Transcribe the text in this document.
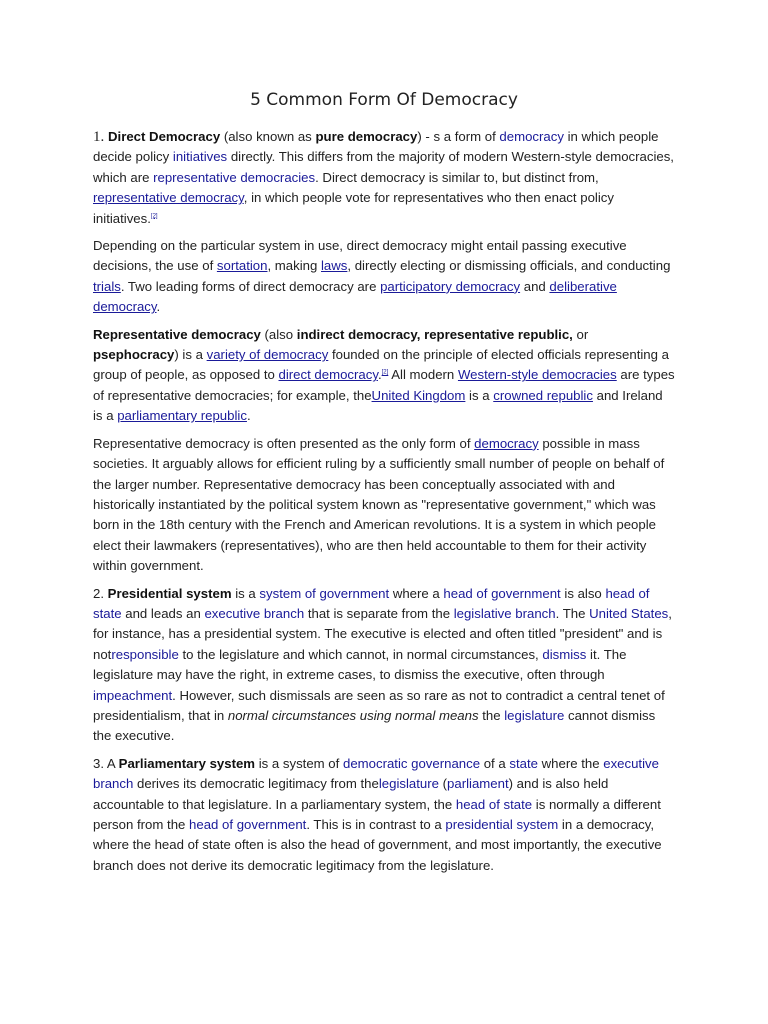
5 Common Form Of Democracy

1. Direct Democracy (also known as pure democracy) - s a form of democracy in which people decide policy initiatives directly. This differs from the majority of modern Western-style democracies, which are representative democracies. Direct democracy is similar to, but distinct from, representative democracy, in which people vote for representatives who then enact policy initiatives.[2]

Depending on the particular system in use, direct democracy might entail passing executive decisions, the use of sortation, making laws, directly electing or dismissing officials, and conducting trials. Two leading forms of direct democracy are participatory democracy and deliberative democracy.

Representative democracy (also indirect democracy, representative republic, or psephocracy) is a variety of democracy founded on the principle of elected officials representing a group of people, as opposed to direct democracy.[2] All modern Western-style democracies are types of representative democracies; for example, theUnited Kingdom is a crowned republic and Ireland is a parliamentary republic.

Representative democracy is often presented as the only form of democracy possible in mass societies. It arguably allows for efficient ruling by a sufficiently small number of people on behalf of the larger number. Representative democracy has been conceptually associated with and historically instantiated by the political system known as "representative government," which was born in the 18th century with the French and American revolutions. It is a system in which people elect their lawmakers (representatives), who are then held accountable to them for their activity within government.

2. Presidential system is a system of government where a head of government is also head of state and leads an executive branch that is separate from the legislative branch. The United States, for instance, has a presidential system. The executive is elected and often titled "president" and is notresponsible to the legislature and which cannot, in normal circumstances, dismiss it. The legislature may have the right, in extreme cases, to dismiss the executive, often through impeachment. However, such dismissals are seen as so rare as not to contradict a central tenet of presidentialism, that in normal circumstances using normal means the legislature cannot dismiss the executive.

3. A Parliamentary system is a system of democratic governance of a state where the executive branch derives its democratic legitimacy from thelegislature (parliament) and is also held accountable to that legislature. In a parliamentary system, the head of state is normally a different person from the head of government. This is in contrast to a presidential system in a democracy, where the head of state often is also the head of government, and most importantly, the executive branch does not derive its democratic legitimacy from the legislature.
